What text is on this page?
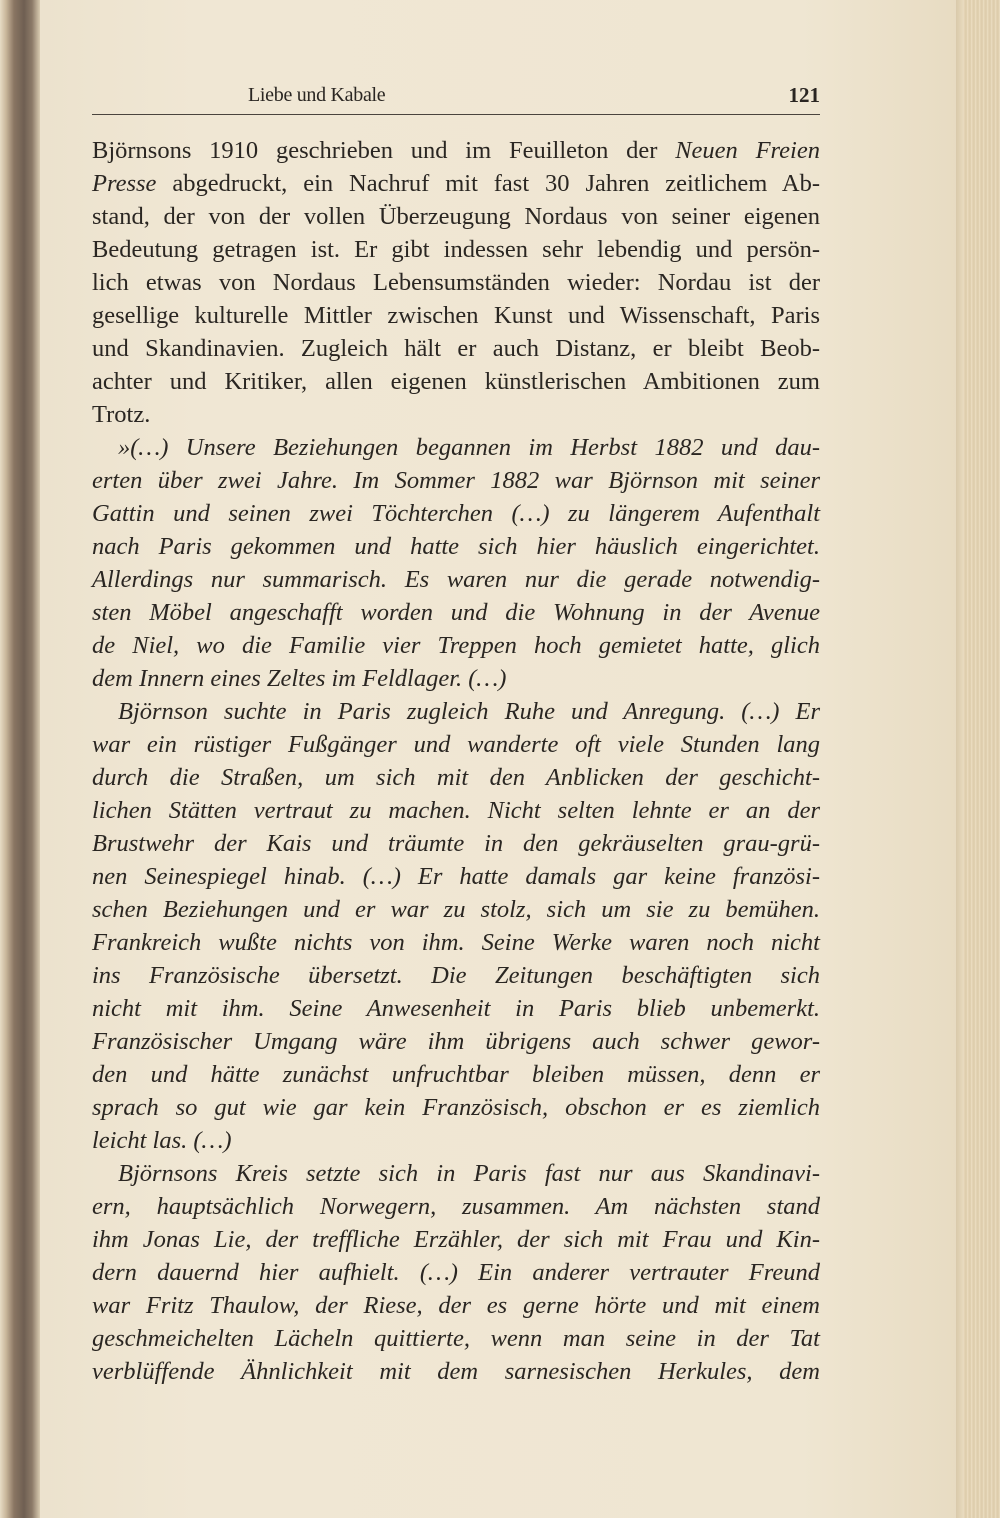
Liebe und Kabale	121
Björnsons 1910 geschrieben und im Feuilleton der Neuen Freien
Presse abgedruckt, ein Nachruf mit fast 30 Jahren zeitlichem Ab-
stand, der von der vollen Überzeugung Nordaus von seiner eigenen
Bedeutung getragen ist. Er gibt indessen sehr lebendig und persön-
lich etwas von Nordaus Lebensumständen wieder: Nordau ist der
gesellige kulturelle Mittler zwischen Kunst und Wissenschaft, Paris
und Skandinavien. Zugleich hält er auch Distanz, er bleibt Beob-
achter und Kritiker, allen eigenen künstlerischen Ambitionen zum
Trotz.
»(…) Unsere Beziehungen begannen im Herbst 1882 und dau-
erten über zwei Jahre. Im Sommer 1882 war Björnson mit seiner
Gattin und seinen zwei Töchterchen (…) zu längerem Aufenthalt
nach Paris gekommen und hatte sich hier häuslich eingerichtet.
Allerdings nur summarisch. Es waren nur die gerade notwendig-
sten Möbel angeschafft worden und die Wohnung in der Avenue
de Niel, wo die Familie vier Treppen hoch gemietet hatte, glich
dem Innern eines Zeltes im Feldlager. (…)
Björnson suchte in Paris zugleich Ruhe und Anregung. (…) Er
war ein rüstiger Fußgänger und wanderte oft viele Stunden lang
durch die Straßen, um sich mit den Anblicken der geschicht-
lichen Stätten vertraut zu machen. Nicht selten lehnte er an der
Brustwehr der Kais und träumte in den gekräuselten grau-grü-
nen Seinespiegel hinab. (…) Er hatte damals gar keine französi-
schen Beziehungen und er war zu stolz, sich um sie zu bemühen.
Frankreich wußte nichts von ihm. Seine Werke waren noch nicht
ins Französische übersetzt. Die Zeitungen beschäftigten sich
nicht mit ihm. Seine Anwesenheit in Paris blieb unbemerkt.
Französischer Umgang wäre ihm übrigens auch schwer gewor-
den und hätte zunächst unfruchtbar bleiben müssen, denn er
sprach so gut wie gar kein Französisch, obschon er es ziemlich
leicht las. (…)
Björnsons Kreis setzte sich in Paris fast nur aus Skandinavi-
ern, hauptsächlich Norwegern, zusammen. Am nächsten stand
ihm Jonas Lie, der treffliche Erzähler, der sich mit Frau und Kin-
dern dauernd hier aufhielt. (…) Ein anderer vertrauter Freund
war Fritz Thaulow, der Riese, der es gerne hörte und mit einem
geschmeichelten Lächeln quittierte, wenn man seine in der Tat
verblüffende Ähnlichkeit mit dem sarnesischen Herkules, dem
